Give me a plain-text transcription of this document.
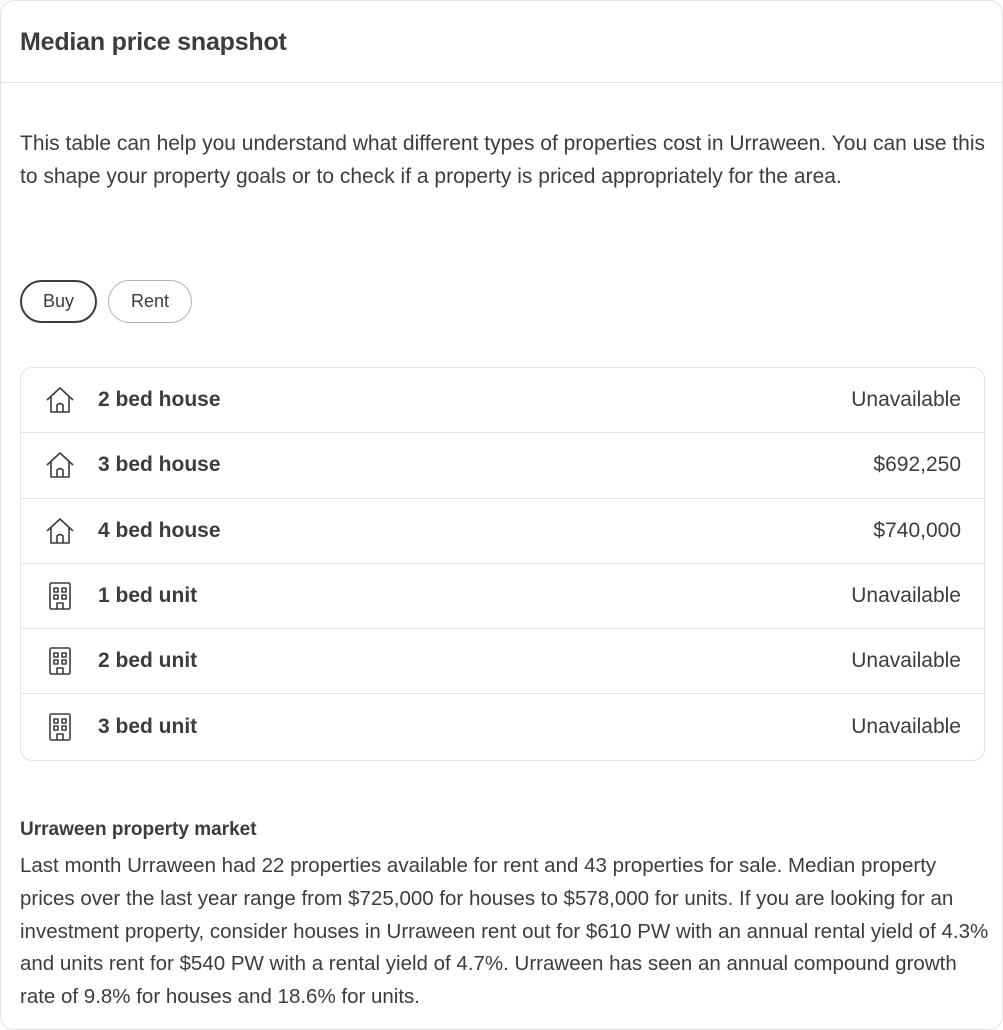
Median price snapshot
This table can help you understand what different types of properties cost in Urraween. You can use this to shape your property goals or to check if a property is priced appropriately for the area.
Buy	Rent
2 bed house	Unavailable
3 bed house	$692,250
4 bed house	$740,000
1 bed unit	Unavailable
2 bed unit	Unavailable
3 bed unit	Unavailable
Urraween property market
Last month Urraween had 22 properties available for rent and 43 properties for sale. Median property prices over the last year range from $725,000 for houses to $578,000 for units. If you are looking for an investment property, consider houses in Urraween rent out for $610 PW with an annual rental yield of 4.3% and units rent for $540 PW with a rental yield of 4.7%. Urraween has seen an annual compound growth rate of 9.8% for houses and 18.6% for units.
